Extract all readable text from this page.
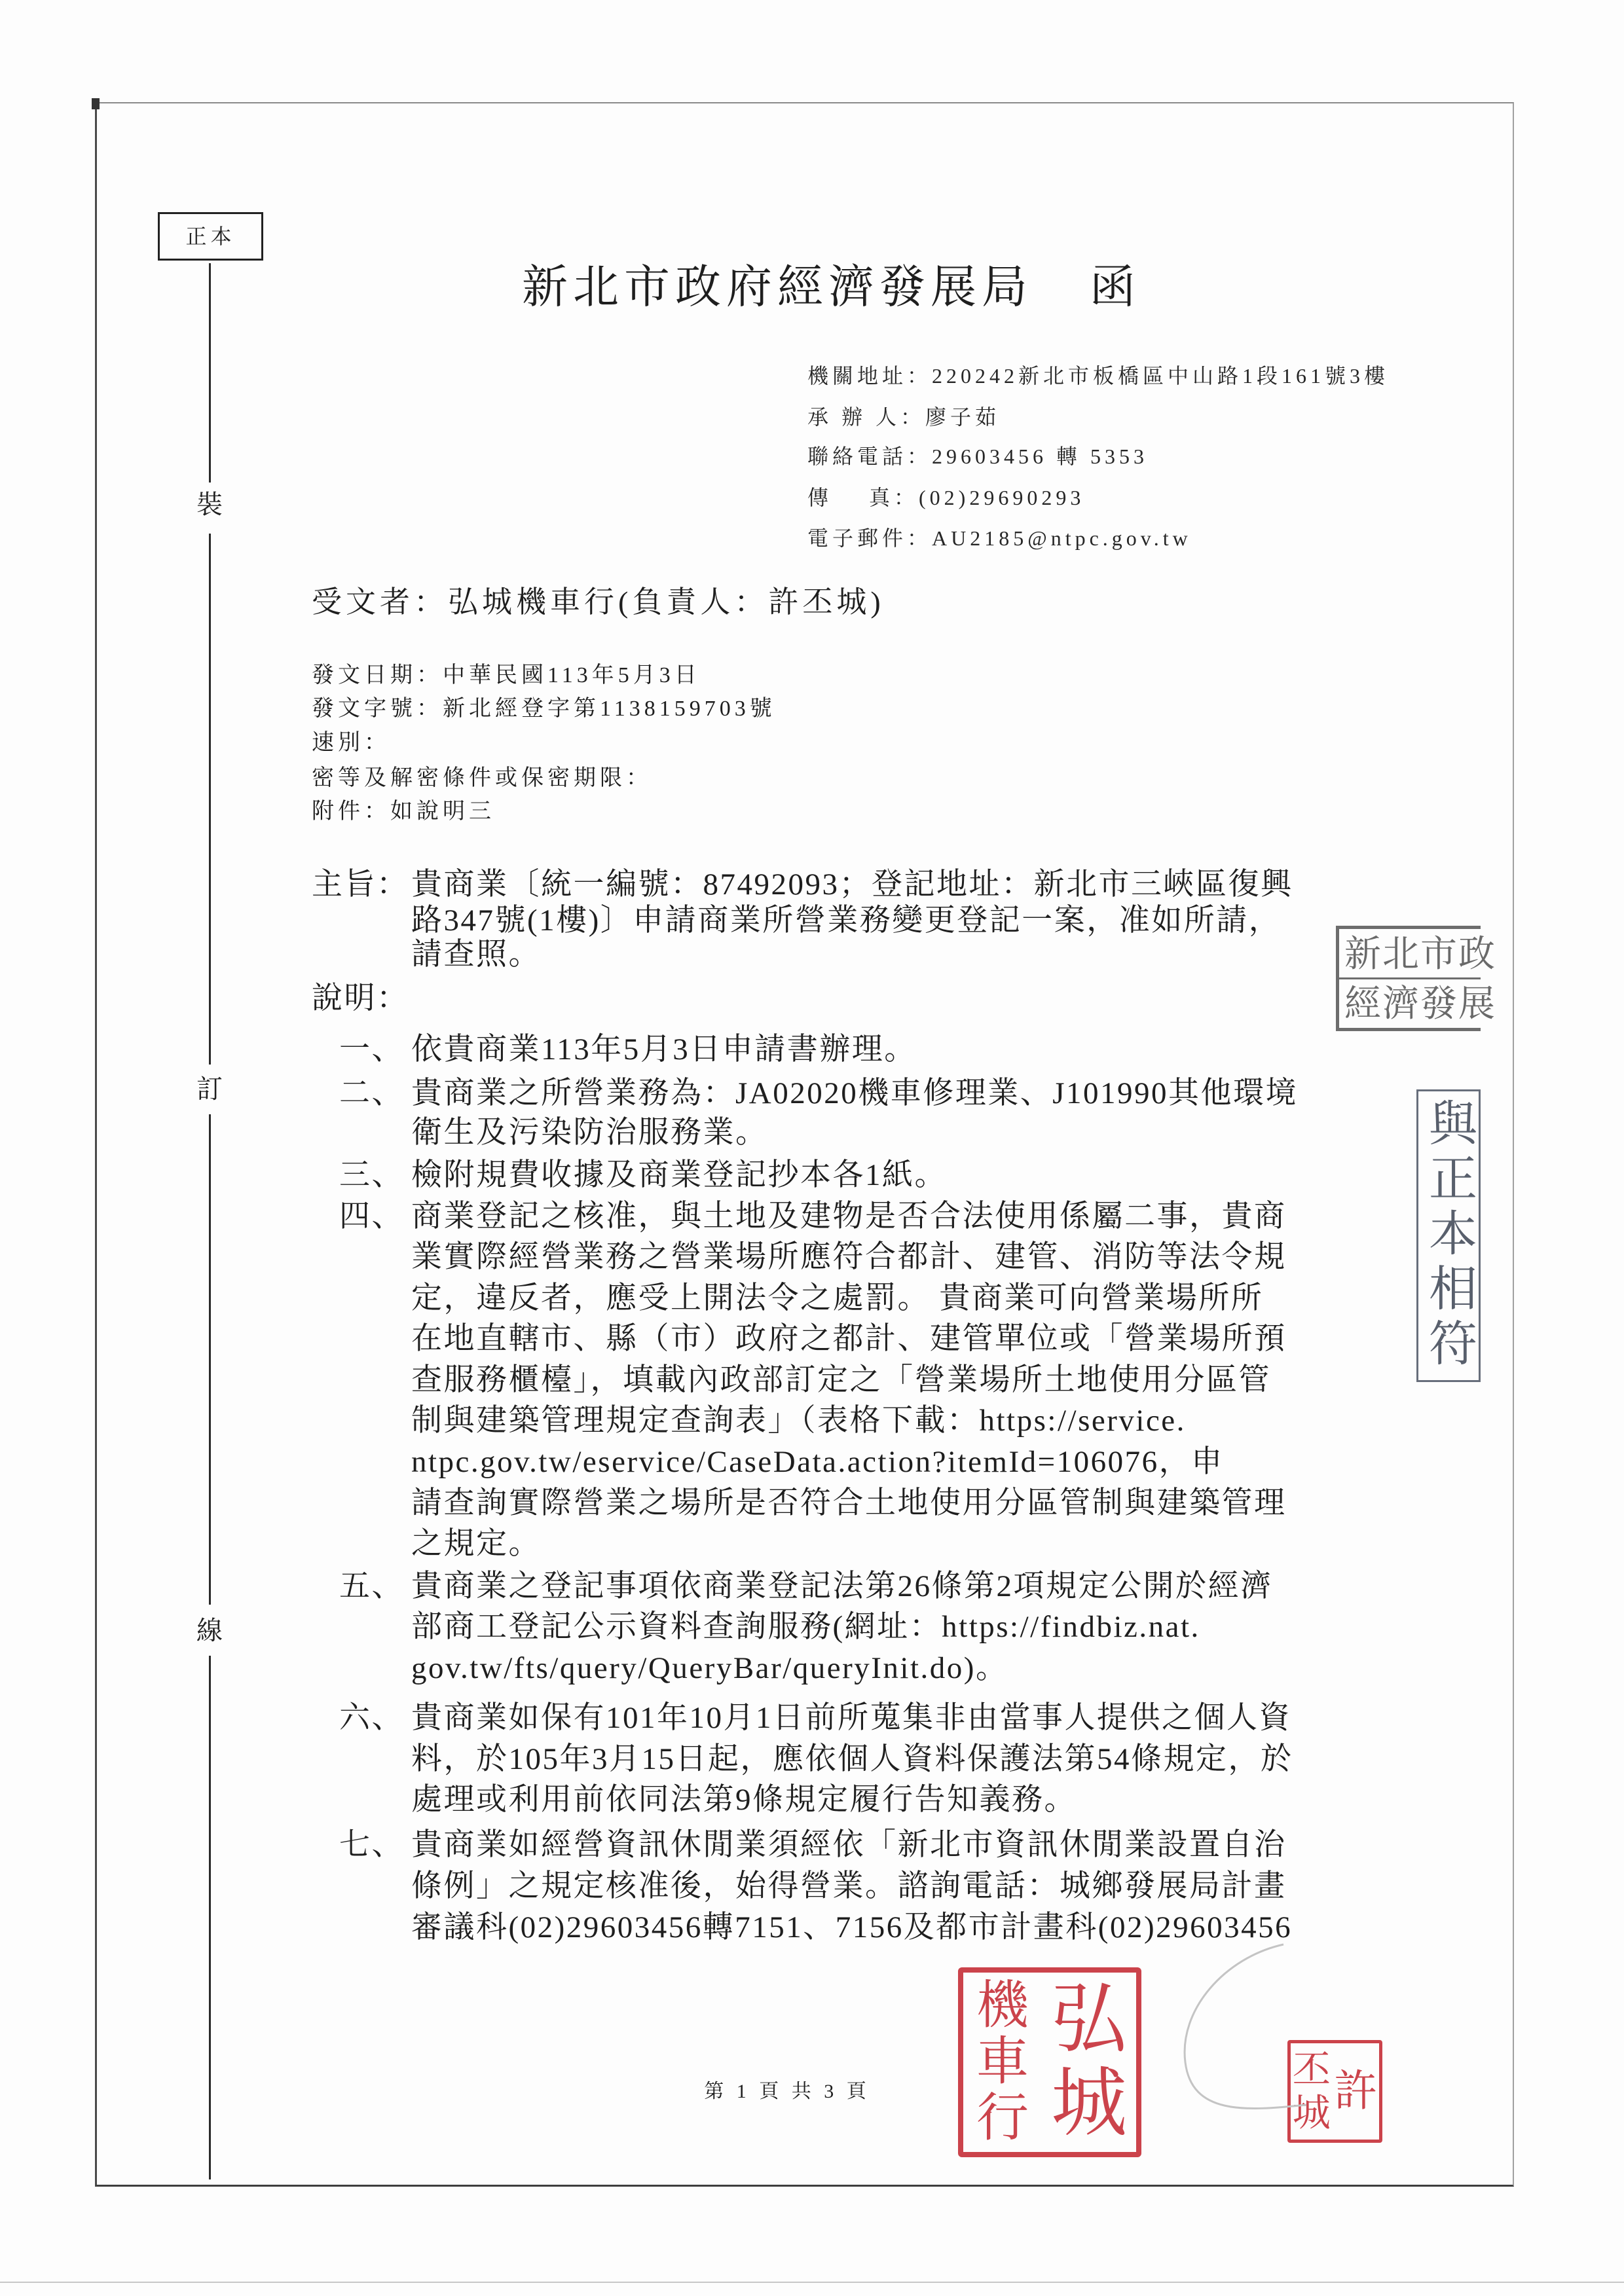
正本
裝
訂
線
新北市政府經濟發展局 函
機關地址：220242新北市板橋區中山路1段161號3樓
承 辦 人：廖子茹
聯絡電話：29603456 轉 5353
傳    真：(02)29690293
電子郵件：AU2185@ntpc.gov.tw
受文者：弘城機車行(負責人：許丕城)
發文日期：中華民國113年5月3日
發文字號：新北經登字第1138159703號
速別：
密等及解密條件或保密期限：
附件：如說明三
主旨： 貴商業〔統一編號：87492093；登記地址：新北市三峽區復興
路347號(1樓)〕申請商業所營業務變更登記一案，准如所請，
請查照。
說明：
一、 依貴商業113年5月3日申請書辦理。
二、 貴商業之所營業務為：JA02020機車修理業、J101990其他環境
衛生及污染防治服務業。
三、 檢附規費收據及商業登記抄本各1紙。
四、 商業登記之核准，與土地及建物是否合法使用係屬二事，貴商
業實際經營業務之營業場所應符合都計、建管、消防等法令規
定，違反者，應受上開法令之處罰。 貴商業可向營業場所所
在地直轄市、縣（市）政府之都計、建管單位或「營業場所預
查服務櫃檯」，填載內政部訂定之「營業場所土地使用分區管
制與建築管理規定查詢表」（表格下載：https://service.
ntpc.gov.tw/eservice/CaseData.action?itemId=106076，申
請查詢實際營業之場所是否符合土地使用分區管制與建築管理
之規定。
五、 貴商業之登記事項依商業登記法第26條第2項規定公開於經濟
部商工登記公示資料查詢服務(網址：https://findbiz.nat.
gov.tw/fts/query/QueryBar/queryInit.do)。
六、 貴商業如保有101年10月1日前所蒐集非由當事人提供之個人資
料，於105年3月15日起，應依個人資料保護法第54條規定，於
處理或利用前依同法第9條規定履行告知義務。
七、 貴商業如經營資訊休閒業須經依「新北市資訊休閒業設置自治
條例」之規定核准後，始得營業。諮詢電話：城鄉發展局計畫
審議科(02)29603456轉7151、7156及都市計畫科(02)29603456
第 1 頁 共 3 頁
新北市政
經濟發展
與正本相符
弘
城
機
車
行	許
丕
城
